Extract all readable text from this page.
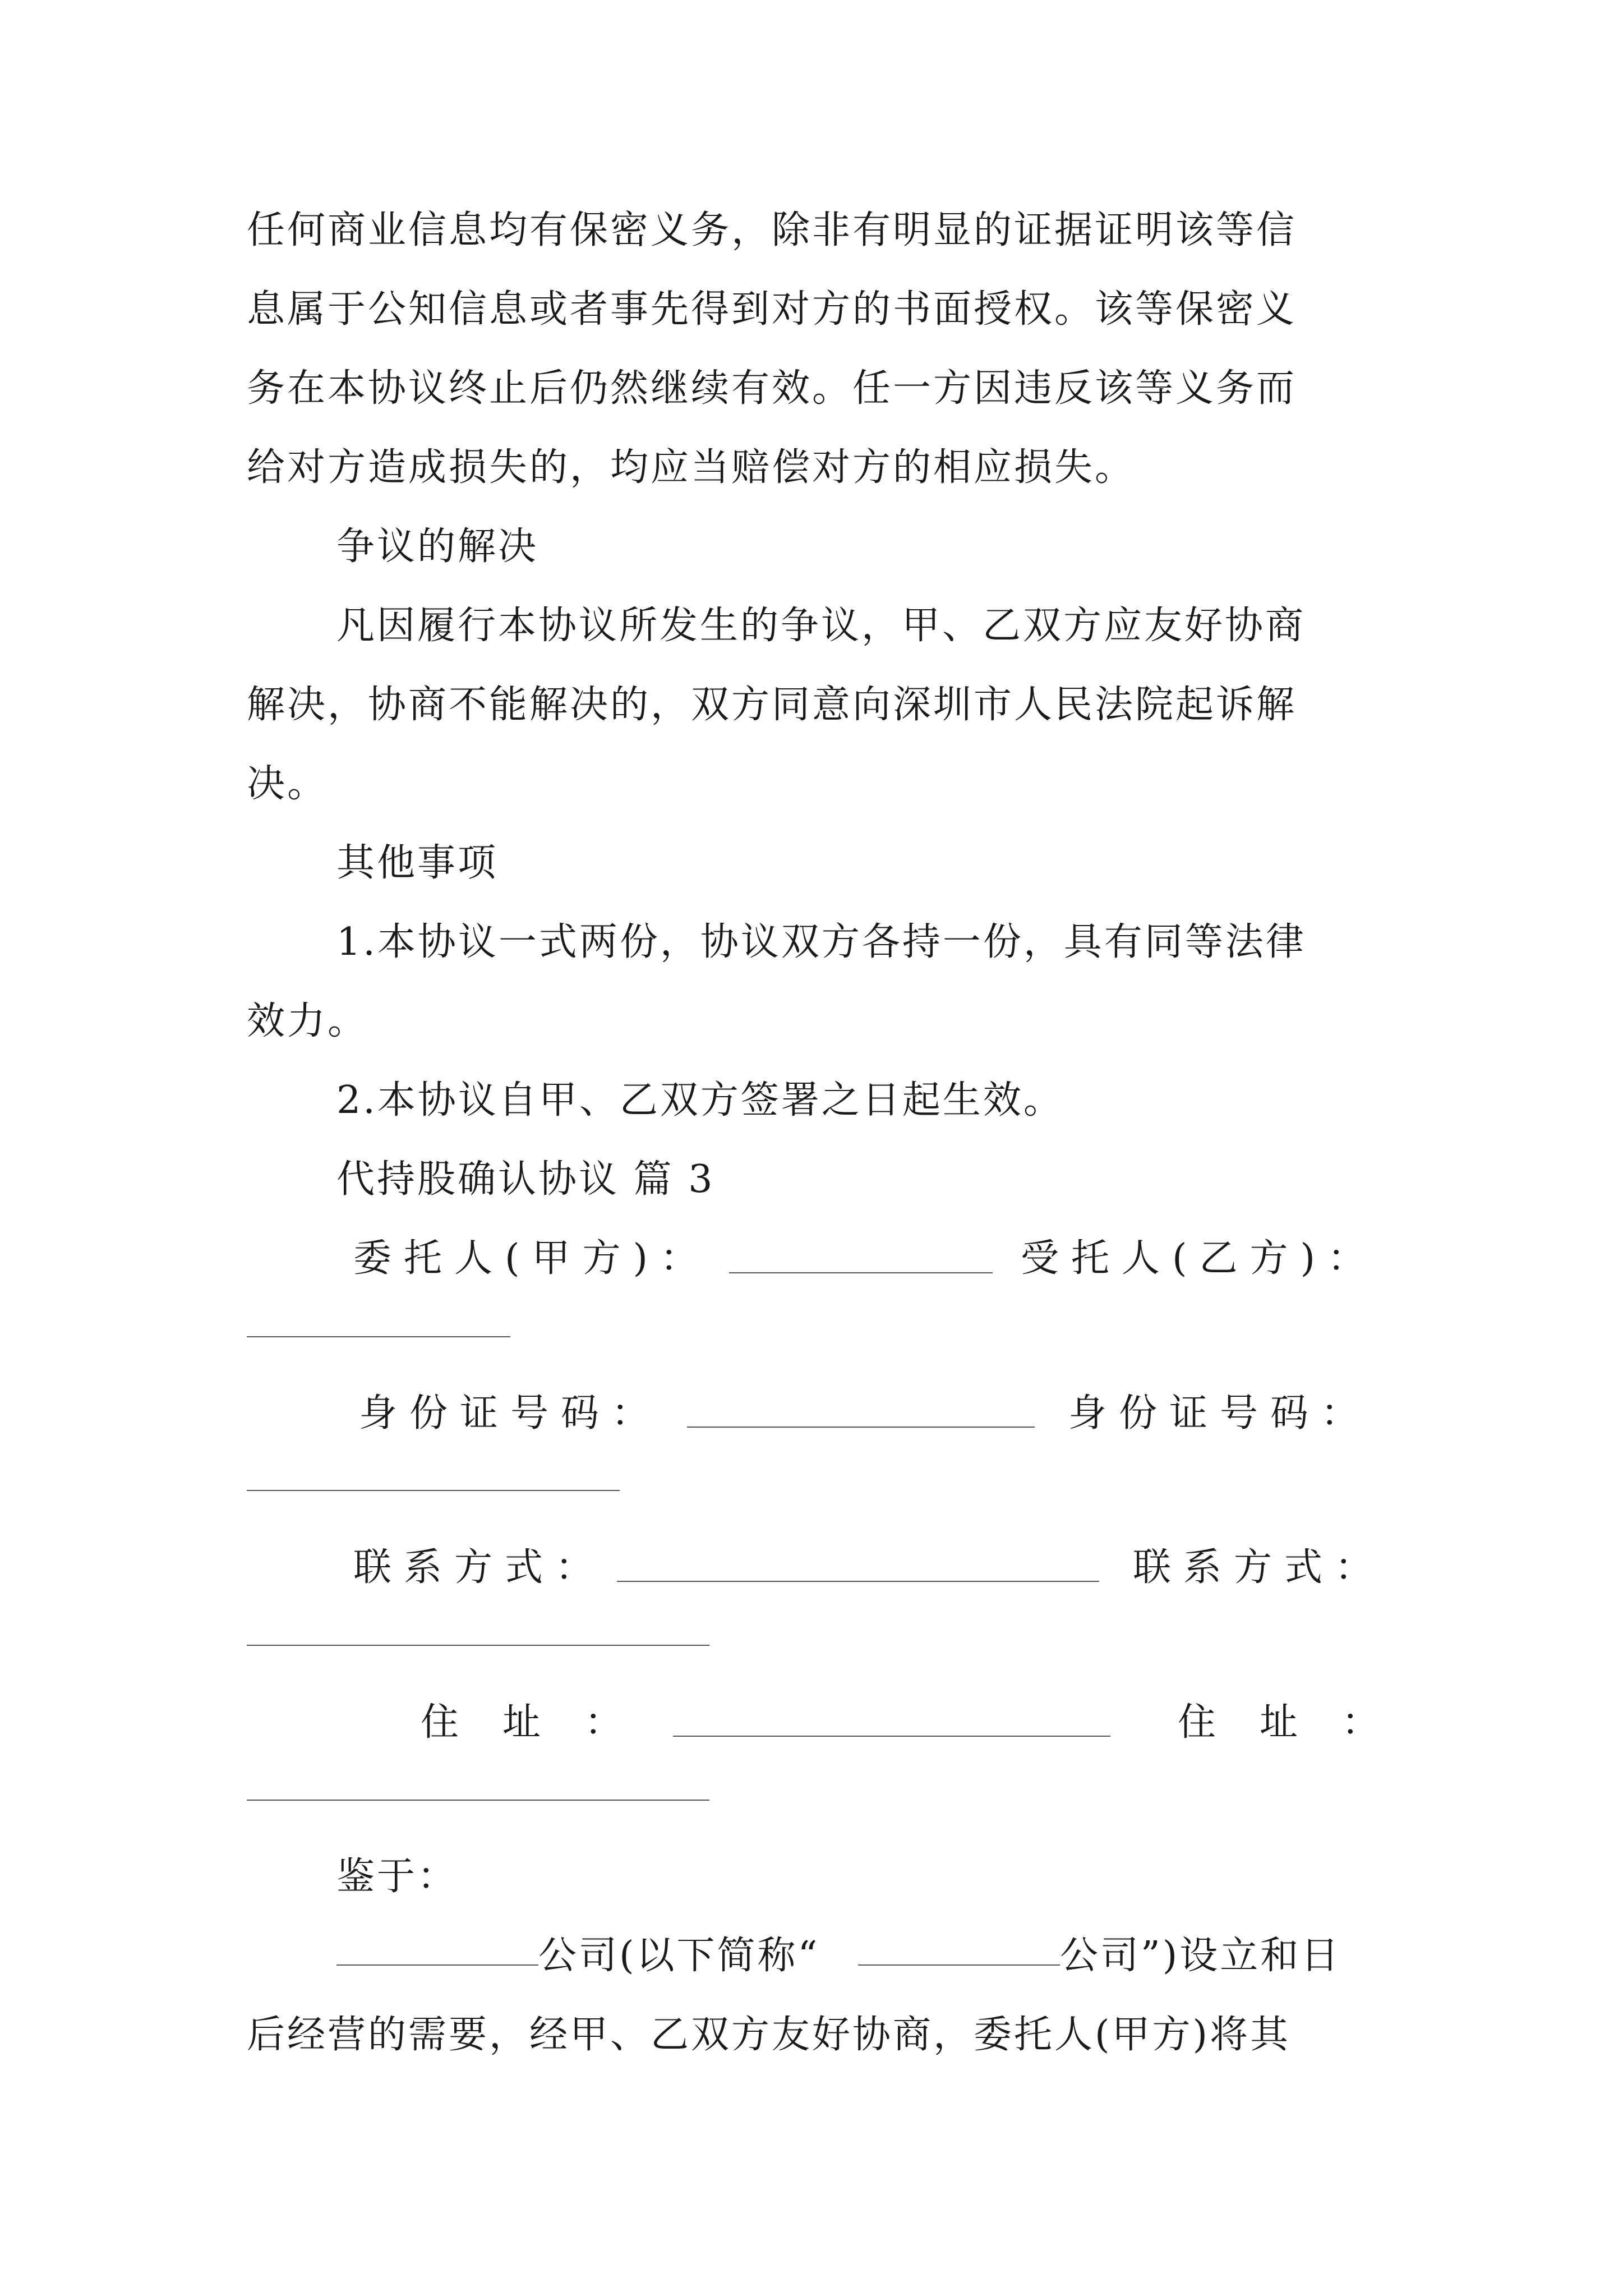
任何商业信息均有保密义务，除非有明显的证据证明该等信
息属于公知信息或者事先得到对方的书面授权。该等保密义
务在本协议终止后仍然继续有效。任一方因违反该等义务而
给对方造成损失的，均应当赔偿对方的相应损失。
争议的解决
凡因履行本协议所发生的争议，甲、乙双方应友好协商
解决，协商不能解决的，双方同意向深圳市人民法院起诉解
决。
其他事项
1.本协议一式两份，协议双方各持一份，具有同等法律
效力。
2.本协议自甲、乙双方签署之日起生效。
代持股确认协议 篇 3
委托人(甲方)：	受托人(乙方)：
身份证号码：	身份证号码：
联系方式：	联系方式：
住址：	住址：
鉴于：
公司(以下简称“	公司”)设立和日
后经营的需要，经甲、乙双方友好协商，委托人(甲方)将其
